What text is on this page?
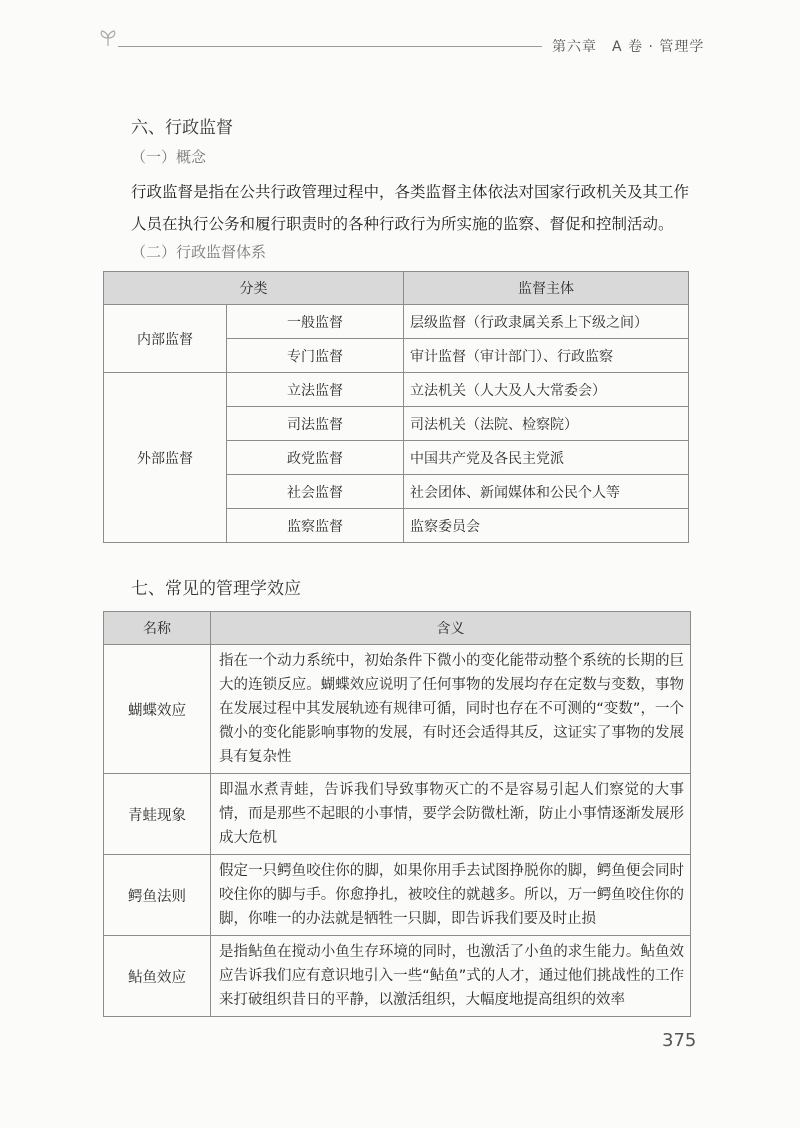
第六章　A 卷 · 管理学
六、行政监督
（一）概念
行政监督是指在公共行政管理过程中，各类监督主体依法对国家行政机关及其工作人员在执行公务和履行职责时的各种行政行为所实施的监察、督促和控制活动。
（二）行政监督体系
分类		监督主体
内部监督	一般监督	层级监督（行政隶属关系上下级之间）
	专门监督	审计监督（审计部门）、行政监察
外部监督	立法监督	立法机关（人大及人大常委会）
	司法监督	司法机关（法院、检察院）
	政党监督	中国共产党及各民主党派
	社会监督	社会团体、新闻媒体和公民个人等
	监察监督	监察委员会
七、常见的管理学效应
名称	含义
蝴蝶效应	指在一个动力系统中，初始条件下微小的变化能带动整个系统的长期的巨大的连锁反应。蝴蝶效应说明了任何事物的发展均存在定数与变数，事物在发展过程中其发展轨迹有规律可循，同时也存在不可测的“变数”，一个微小的变化能影响事物的发展，有时还会适得其反，这证实了事物的发展具有复杂性
青蛙现象	即温水煮青蛙，告诉我们导致事物灭亡的不是容易引起人们察觉的大事情，而是那些不起眼的小事情，要学会防微杜渐，防止小事情逐渐发展形成大危机
鳄鱼法则	假定一只鳄鱼咬住你的脚，如果你用手去试图挣脱你的脚，鳄鱼便会同时咬住你的脚与手。你愈挣扎，被咬住的就越多。所以，万一鳄鱼咬住你的脚，你唯一的办法就是牺牲一只脚，即告诉我们要及时止损
鲇鱼效应	是指鲇鱼在搅动小鱼生存环境的同时，也激活了小鱼的求生能力。鲇鱼效应告诉我们应有意识地引入一些“鲇鱼”式的人才，通过他们挑战性的工作来打破组织昔日的平静，以激活组织，大幅度地提高组织的效率
375
